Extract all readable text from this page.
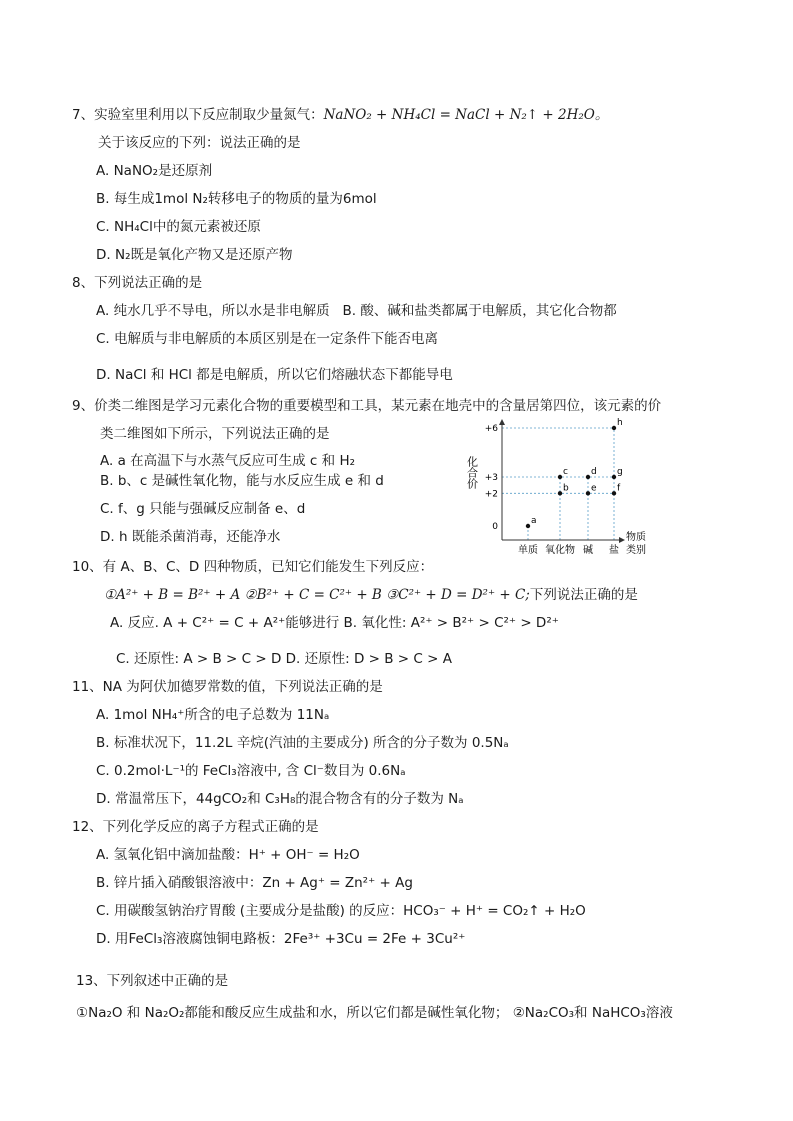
7、实验室里利用以下反应制取少量氮气：NaNO₂ + NH₄Cl = NaCl + N₂↑ + 2H₂O。
关于该反应的下列：说法正确的是
A. NaNO₂是还原剂
B. 每生成1mol N₂转移电子的物质的量为6mol
C. NH₄Cl中的氮元素被还原
D. N₂既是氧化产物又是还原产物
8、下列说法正确的是
A. 纯水几乎不导电，所以水是非电解质 B. 酸、碱和盐类都属于电解质，其它化合物都
C. 电解质与非电解质的本质区别是在一定条件下能否电离
D. NaCl 和 HCl 都是电解质，所以它们熔融状态下都能导电
9、价类二维图是学习元素化合物的重要模型和工具，某元素在地壳中的含量居第四位，该元素的价
类二维图如下所示，下列说法正确的是
A. a 在高温下与水蒸气反应可生成 c 和 H₂
B. b、c 是碱性氧化物，能与水反应生成 e 和 d
C. f、g 只能与强碱反应制备 e、d
D. h 既能杀菌消毒，还能净水
化合价
物质
类别
+6
+3
+2
0
单质 氧化物 碱 盐
a
b
c	d
e f
g
h
10、有 A、B、C、D 四种物质，已知它们能发生下列反应：
①A²⁺ + B = B²⁺ + A ②B²⁺ + C = C²⁺ + B ③C²⁺ + D = D²⁺ + C;下列说法正确的是
A. 反应. A + C²⁺ = C + A²⁺能够进行 B. 氧化性: A²⁺ > B²⁺ > C²⁺ > D²⁺
C. 还原性: A > B > C > D D. 还原性: D > B > C > A
11、NA 为阿伏加德罗常数的值，下列说法正确的是
A. 1mol NH₄⁺所含的电子总数为 11Nₐ
B. 标准状况下，11.2L 辛烷(汽油的主要成分) 所含的分子数为 0.5Nₐ
C. 0.2mol·L⁻¹的 FeCl₃溶液中, 含 Cl⁻数目为 0.6Nₐ
D. 常温常压下，44gCO₂和 C₃H₈的混合物含有的分子数为 Nₐ
12、下列化学反应的离子方程式正确的是
A. 氢氧化铝中滴加盐酸：H⁺ + OH⁻ = H₂O
B. 锌片插入硝酸银溶液中：Zn + Ag⁺ = Zn²⁺ + Ag
C. 用碳酸氢钠治疗胃酸 (主要成分是盐酸) 的反应：HCO₃⁻ + H⁺ = CO₂↑ + H₂O
D. 用FeCl₃溶液腐蚀铜电路板：2Fe³⁺ +3Cu = 2Fe + 3Cu²⁺
13、下列叙述中正确的是
①Na₂O 和 Na₂O₂都能和酸反应生成盐和水，所以它们都是碱性氧化物； ②Na₂CO₃和 NaHCO₃溶液
